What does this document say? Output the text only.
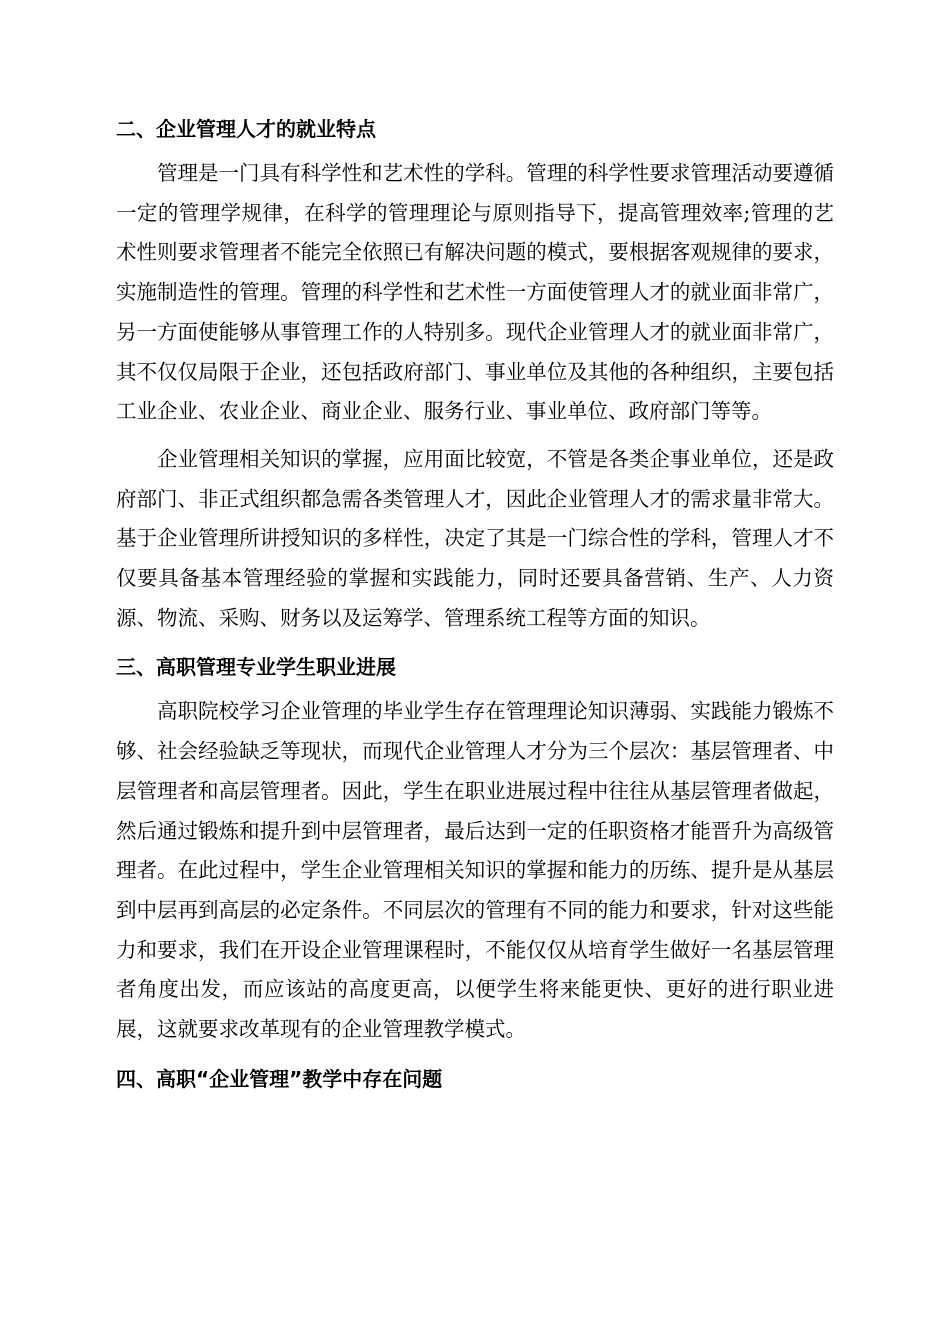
二、企业管理人才的就业特点

管理是一门具有科学性和艺术性的学科。管理的科学性要求管理活动要遵循一定的管理学规律，在科学的管理理论与原则指导下，提高管理效率;管理的艺术性则要求管理者不能完全依照已有解决问题的模式，要根据客观规律的要求，实施制造性的管理。管理的科学性和艺术性一方面使管理人才的就业面非常广，另一方面使能够从事管理工作的人特别多。现代企业管理人才的就业面非常广，其不仅仅局限于企业，还包括政府部门、事业单位及其他的各种组织，主要包括工业企业、农业企业、商业企业、服务行业、事业单位、政府部门等等。

企业管理相关知识的掌握，应用面比较宽，不管是各类企事业单位，还是政府部门、非正式组织都急需各类管理人才，因此企业管理人才的需求量非常大。基于企业管理所讲授知识的多样性，决定了其是一门综合性的学科，管理人才不仅要具备基本管理经验的掌握和实践能力，同时还要具备营销、生产、人力资源、物流、采购、财务以及运筹学、管理系统工程等方面的知识。

三、高职管理专业学生职业进展

高职院校学习企业管理的毕业学生存在管理理论知识薄弱、实践能力锻炼不够、社会经验缺乏等现状，而现代企业管理人才分为三个层次：基层管理者、中层管理者和高层管理者。因此，学生在职业进展过程中往往从基层管理者做起，然后通过锻炼和提升到中层管理者，最后达到一定的任职资格才能晋升为高级管理者。在此过程中，学生企业管理相关知识的掌握和能力的历练、提升是从基层到中层再到高层的必定条件。不同层次的管理有不同的能力和要求，针对这些能力和要求，我们在开设企业管理课程时，不能仅仅从培育学生做好一名基层管理者角度出发，而应该站的高度更高，以便学生将来能更快、更好的进行职业进展，这就要求改革现有的企业管理教学模式。

四、高职“企业管理”教学中存在问题
